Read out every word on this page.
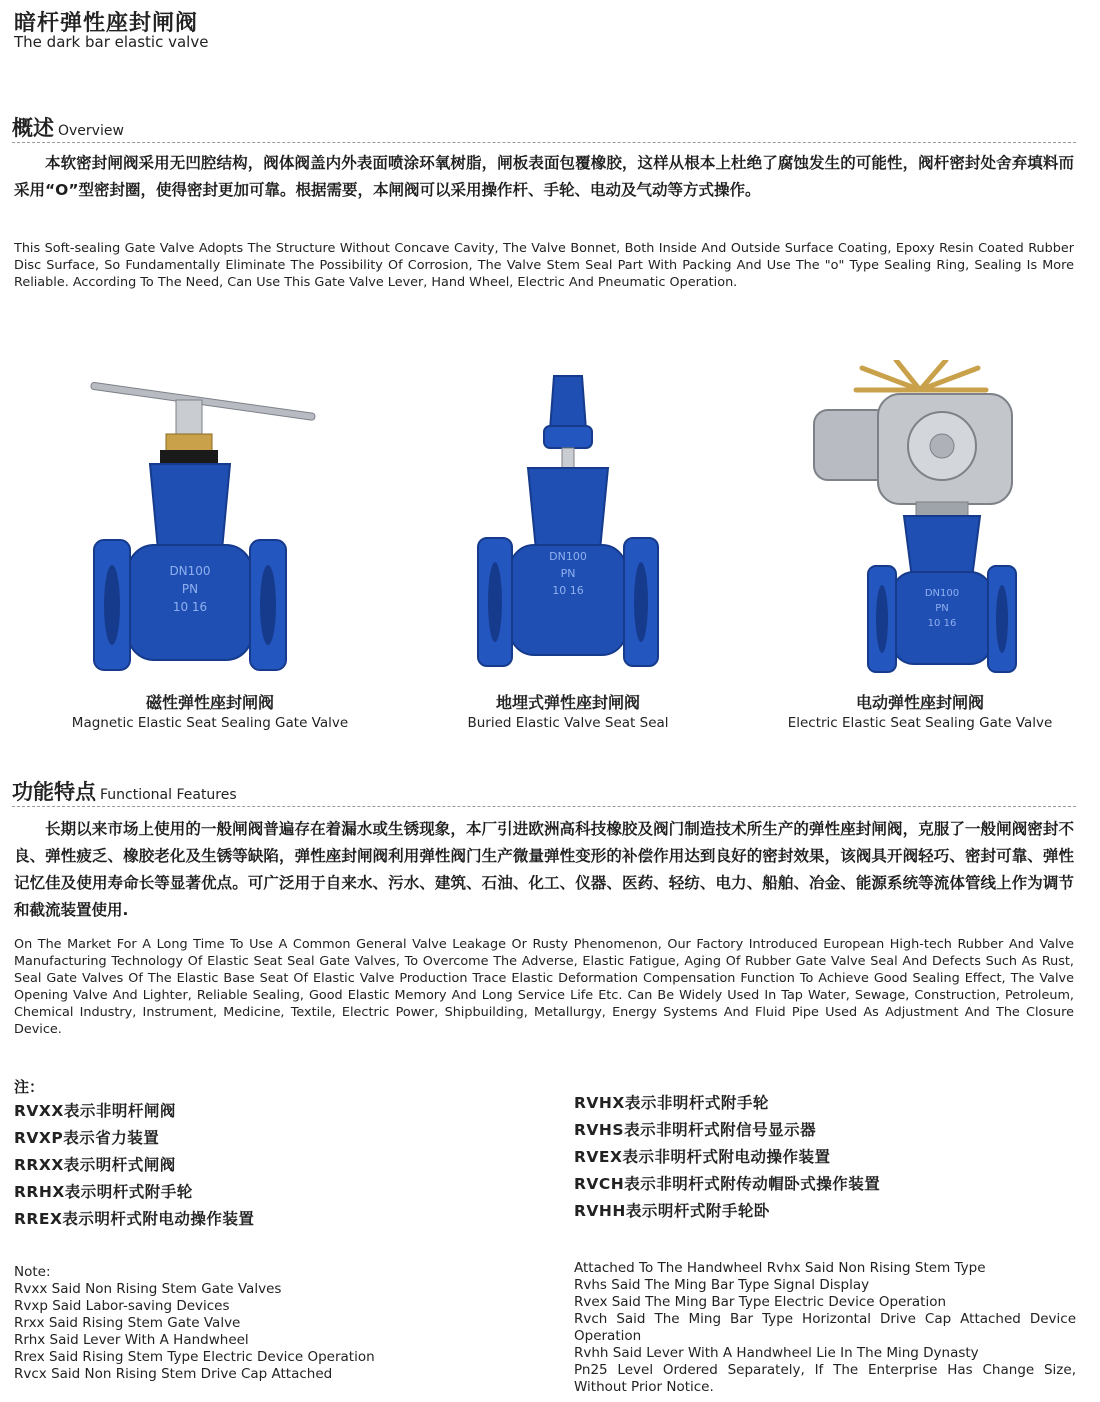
暗杆弹性座封闸阀
The dark bar elastic valve
概述 Overview

本软密封闸阀采用无凹腔结构，阀体阀盖内外表面喷涂环氧树脂，闸板表面包覆橡胶，这样从根本上杜绝了腐蚀发生的可能性，阀杆密封处舍弃填料而采用“O”型密封圈，使得密封更加可靠。根据需要，本闸阀可以采用操作杆、手轮、电动及气动等方式操作。

This Soft-sealing Gate Valve Adopts The Structure Without Concave Cavity, The Valve Bonnet, Both Inside And Outside Surface Coating, Epoxy Resin Coated Rubber Disc Surface, So Fundamentally Eliminate The Possibility Of Corrosion, The Valve Stem Seal Part With Packing And Use The "o" Type Sealing Ring, Sealing Is More Reliable. According To The Need, Can Use This Gate Valve Lever, Hand Wheel, Electric And Pneumatic Operation.

DN100
PN
10 16
磁性弹性座封闸阀
Magnetic Elastic Seat Sealing Gate Valve
DN100
PN
10 16
地埋式弹性座封闸阀
Buried Elastic Valve Seat Seal
DN100
PN
10 16
电动弹性座封闸阀
Electric Elastic Seat Sealing Gate Valve
功能特点 Functional Features

长期以来市场上使用的一般闸阀普遍存在着漏水或生锈现象，本厂引进欧洲高科技橡胶及阀门制造技术所生产的弹性座封闸阀，克服了一般闸阀密封不良、弹性疲乏、橡胶老化及生锈等缺陷，弹性座封闸阀利用弹性阀门生产微量弹性变形的补偿作用达到良好的密封效果，该阀具开阀轻巧、密封可靠、弹性记忆佳及使用寿命长等显著优点。可广泛用于自来水、污水、建筑、石油、化工、仪器、医药、轻纺、电力、船舶、冶金、能源系统等流体管线上作为调节和截流装置使用.

On The Market For A Long Time To Use A Common General Valve Leakage Or Rusty Phenomenon, Our Factory Introduced European High-tech Rubber And Valve Manufacturing Technology Of Elastic Seat Seal Gate Valves, To Overcome The Adverse, Elastic Fatigue, Aging Of Rubber Gate Valve Seal And Defects Such As Rust, Seal Gate Valves Of The Elastic Base Seat Of Elastic Valve Production Trace Elastic Deformation Compensation Function To Achieve Good Sealing Effect, The Valve Opening Valve And Lighter, Reliable Sealing, Good Elastic Memory And Long Service Life Etc. Can Be Widely Used In Tap Water, Sewage, Construction, Petroleum, Chemical Industry, Instrument, Medicine, Textile, Electric Power, Shipbuilding, Metallurgy, Energy Systems And Fluid Pipe Used As Adjustment And The Closure Device.

注：
RVXX表示非明杆闸阀
RVXP表示省力装置
RRXX表示明杆式闸阀
RRHX表示明杆式附手轮
RREX表示明杆式附电动操作装置
RVHX表示非明杆式附手轮
RVHS表示非明杆式附信号显示器
RVEX表示非明杆式附电动操作装置
RVCH表示非明杆式附传动帽卧式操作装置
RVHH表示明杆式附手轮卧
Note:
Rvxx Said Non Rising Stem Gate Valves
Rvxp Said Labor-saving Devices
Rrxx Said Rising Stem Gate Valve
Rrhx Said Lever With A Handwheel
Rrex Said Rising Stem Type Electric Device Operation
Rvcx Said Non Rising Stem Drive Cap Attached
Attached To The Handwheel Rvhx Said Non Rising Stem Type
Rvhs Said The Ming Bar Type Signal Display
Rvex Said The Ming Bar Type Electric Device Operation
Rvch Said The Ming Bar Type Horizontal Drive Cap Attached Device Operation
Rvhh Said Lever With A Handwheel Lie In The Ming Dynasty
Pn25 Level Ordered Separately, If The Enterprise Has Change Size, Without Prior Notice.
